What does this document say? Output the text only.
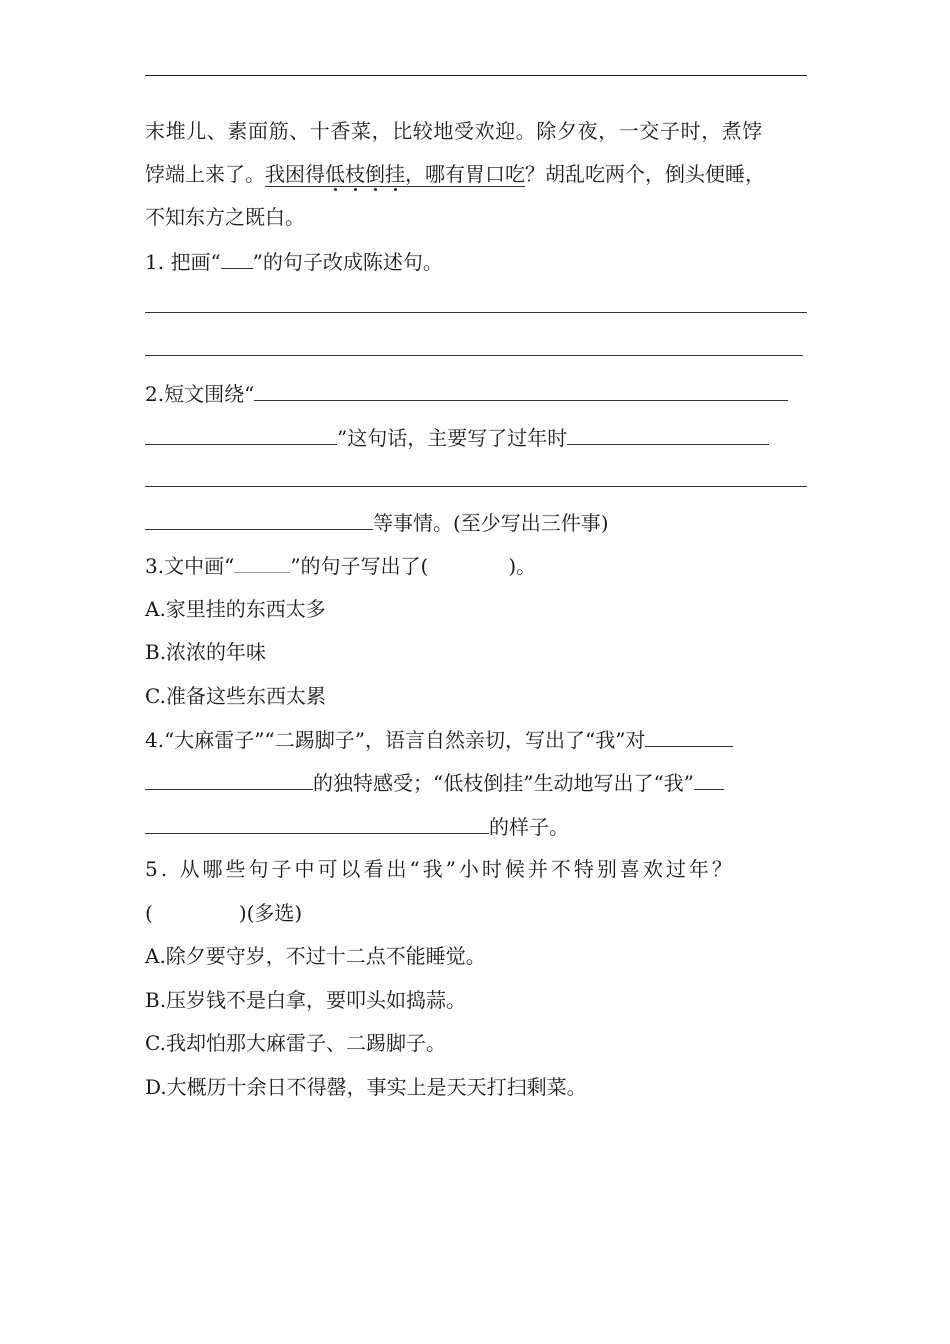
末堆儿、素面筋、十香菜，比较地受欢迎。除夕夜，一交子时，煮饽
饽端上来了。我困得低枝倒挂，哪有胃口吃？胡乱吃两个，倒头便睡，
不知东方之既白。
1. 把画“ ”的句子改成陈述句。
2.短文围绕“
”这句话，主要写了过年时
等事情。(至少写出三件事)
3.文中画“	”的句子写出了(	)。
A.家里挂的东西太多
B.浓浓的年味
C.准备这些东西太累
4.“大麻雷子”“二踢脚子”，语言自然亲切，写出了“我”对
的独特感受；“低枝倒挂”生动地写出了“我”
的样子。
5. 从哪些句子中可以看出“我”小时候并不特别喜欢过年？
(	)(多选)
A.除夕要守岁，不过十二点不能睡觉。
B.压岁钱不是白拿，要叩头如捣蒜。
C.我却怕那大麻雷子、二踢脚子。
D.大概历十余日不得罄，事实上是天天打扫剩菜。
